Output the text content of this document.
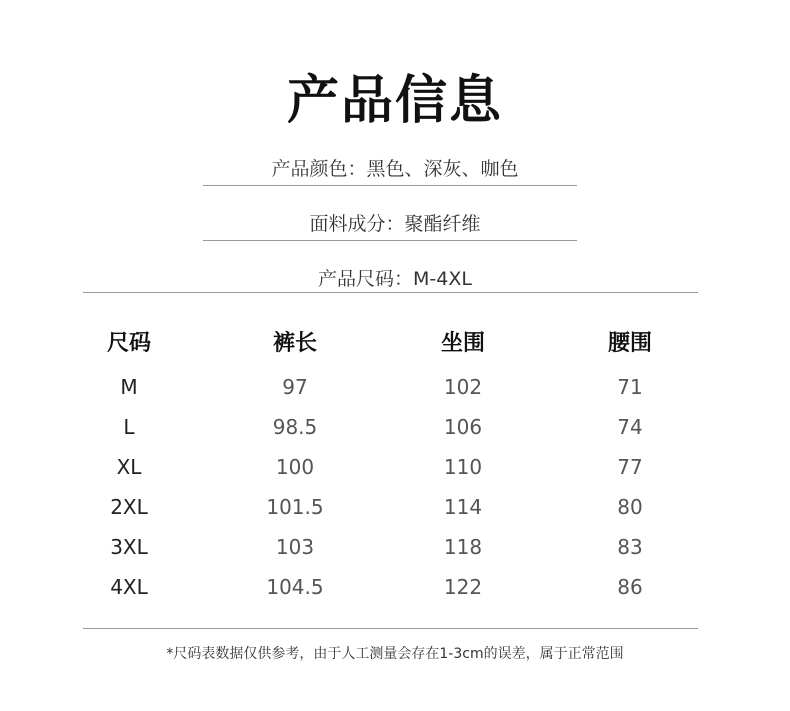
产品信息
产品颜色：黑色、深灰、咖色
面料成分：聚酯纤维
产品尺码：M-4XL
尺码	裤长	坐围	腰围
M	97	102	71
L	98.5	106	74
XL	100	110	77
2XL	101.5	114	80
3XL	103	118	83
4XL	104.5	122	86
*尺码表数据仅供参考，由于人工测量会存在1-3cm的误差，属于正常范围
